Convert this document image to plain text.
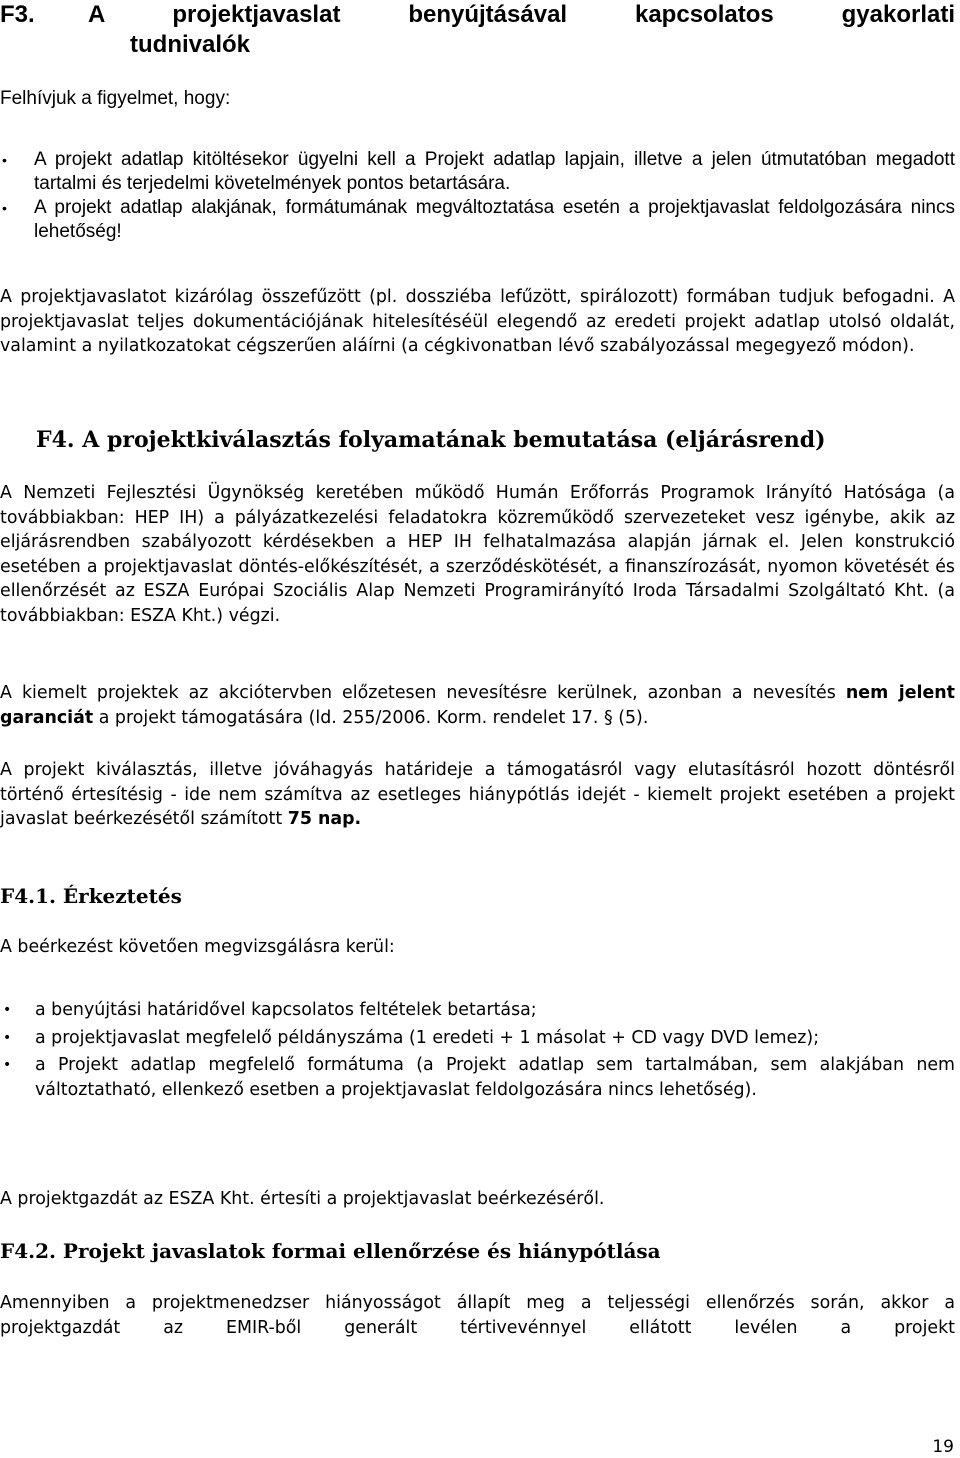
F3. A projektjavaslat benyújtásával kapcsolatos gyakorlati
tudnivalók
Felhívjuk a figyelmet, hogy:
• A projekt adatlap kitöltésekor ügyelni kell a Projekt adatlap lapjain, illetve a jelen útmutatóban megadott tartalmi és terjedelmi követelmények pontos betartására.
• A projekt adatlap alakjának, formátumának megváltoztatása esetén a projektjavaslat feldolgozására nincs lehetőség!
A projektjavaslatot kizárólag összefűzött (pl. dossziéba lefűzött, spirálozott) formában tudjuk befogadni. A projektjavaslat teljes dokumentációjának hitelesítéséül elegendő az eredeti projekt adatlap utolsó oldalát, valamint a nyilatkozatokat cégszerűen aláírni (a cégkivonatban lévő szabályozással megegyező módon).
F4. A projektkiválasztás folyamatának bemutatása (eljárásrend)
A Nemzeti Fejlesztési Ügynökség keretében működő Humán Erőforrás Programok Irányító Hatósága (a továbbiakban: HEP IH) a pályázatkezelési feladatokra közreműködő szervezeteket vesz igénybe, akik az eljárásrendben szabályozott kérdésekben a HEP IH felhatalmazása alapján járnak el. Jelen konstrukció esetében a projektjavaslat döntés-előkészítését, a szerződéskötését, a finanszírozását, nyomon követését és ellenőrzését az ESZA Európai Szociális Alap Nemzeti Programirányító Iroda Társadalmi Szolgáltató Kht. (a továbbiakban: ESZA Kht.) végzi.
A kiemelt projektek az akciótervben előzetesen nevesítésre kerülnek, azonban a nevesítés nem jelent garanciát a projekt támogatására (ld. 255/2006. Korm. rendelet 17. § (5).
A projekt kiválasztás, illetve jóváhagyás határideje a támogatásról vagy elutasításról hozott döntésről történő értesítésig - ide nem számítva az esetleges hiánypótlás idejét - kiemelt projekt esetében a projekt javaslat beérkezésétől számított 75 nap.
F4.1. Érkeztetés
A beérkezést követően megvizsgálásra kerül:
• a benyújtási határidővel kapcsolatos feltételek betartása;
• a projektjavaslat megfelelő példányszáma (1 eredeti + 1 másolat + CD vagy DVD lemez);
• a Projekt adatlap megfelelő formátuma (a Projekt adatlap sem tartalmában, sem alakjában nem változtatható, ellenkező esetben a projektjavaslat feldolgozására nincs lehetőség).
A projektgazdát az ESZA Kht. értesíti a projektjavaslat beérkezéséről.
F4.2. Projekt javaslatok formai ellenőrzése és hiánypótlása
Amennyiben a projektmenedzser hiányosságot állapít meg a teljességi ellenőrzés során, akkor a projektgazdát az EMIR-ből generált tértivevénnyel ellátott levélen a projekt
19
